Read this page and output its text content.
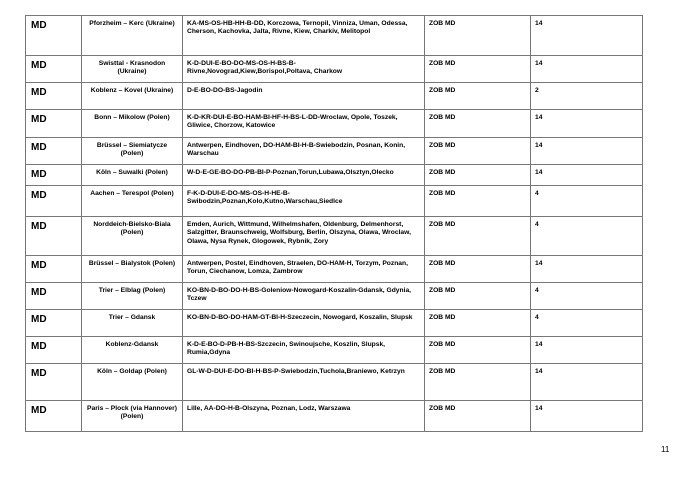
MD	Pforzheim – Kerc (Ukraine)	KA-MS-OS-HB-HH-B-DD, Korczowa, Ternopil, Vinniza, Uman, Odessa, Cherson, Kachovka, Jalta, Rivne, Kiew, Charkiv, Melitopol	ZOB MD	14
MD	Swisttal - Krasnodon (Ukraine)	K-D-DUI-E-BO-DO-MS-OS-H-BS-B-Rivne,Novograd,Kiew,Borispol,Poltava, Charkow	ZOB MD	14
MD	Koblenz – Kovel (Ukraine)	D-E-BO-DO-BS-Jagodin	ZOB MD	2
MD	Bonn – Mikolow (Polen)	K-D-KR-DUI-E-BO-HAM-BI-HF-H-BS-L-DD-Wroclaw, Opole, Toszek, Gliwice, Chorzow, Katowice	ZOB MD	14
MD	Brüssel – Siemiatycze (Polen)	Antwerpen, Eindhoven, DO-HAM-BI-H-B-Swiebodzin, Posnan, Konin, Warschau	ZOB MD	14
MD	Köln – Suwalki (Polen)	W-D-E-GE-BO-DO-PB-BI-P-Poznan,Torun,Lubawa,Olsztyn,Olecko	ZOB MD	14
MD	Aachen – Terespol (Polen)	F-K-D-DUI-E-DO-MS-OS-H-HE-B-Swibodzin,Poznan,Kolo,Kutno,Warschau,Siedlce	ZOB MD	4
MD	Norddeich-Bielsko-Biala (Polen)	Emden, Aurich, Wittmund, Wilhelmshafen, Oldenburg, Delmenhorst, Salzgitter, Braunschweig, Wolfsburg, Berlin, Olszyna, Olawa, Wroclaw, Olawa, Nysa Rynek, Glogowek, Rybnik, Zory	ZOB MD	4
MD	Brüssel – Bialystok (Polen)	Antwerpen, Postel, Eindhoven, Straelen, DO-HAM-H, Torzym, Poznan, Torun, Ciechanow, Lomza, Zambrow	ZOB MD	14
MD	Trier – Elblag (Polen)	KO-BN-D-BO-DO-H-BS-Goleniow-Nowogard-Koszalin-Gdansk, Gdynia, Tczew	ZOB MD	4
MD	Trier – Gdansk	KO-BN-D-BO-DO-HAM-GT-BI-H-Szeczecin, Nowogard, Koszalin, Slupsk	ZOB MD	4
MD	Koblenz-Gdansk	K-D-E-BO-D-PB-H-BS-Szczecin, Swinoujsche, Koszlin, Slupsk, Rumia,Gdyna	ZOB MD	14
MD	Köln – Goldap (Polen)	GL-W-D-DUI-E-DO-BI-H-BS-P-Swiebodzin,Tuchola,Braniewo, Ketrzyn	ZOB MD	14
MD	Paris – Plock (via Hannover) (Polen)	Lille, AA-DO-H-B-Olszyna, Poznan, Lodz, Warszawa	ZOB MD	14
11
